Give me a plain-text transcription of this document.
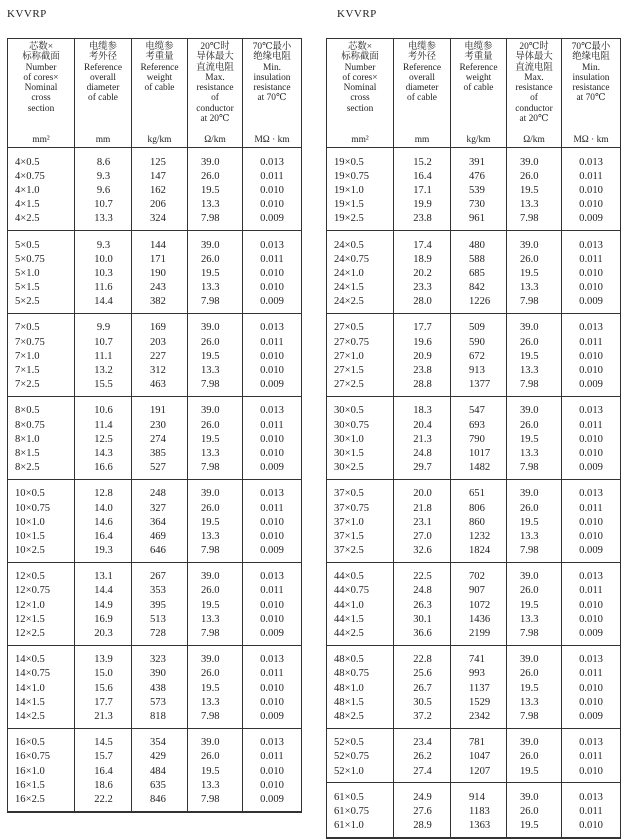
KVVRP	KVVRP
芯数×
标称截面
Number
of cores×
Nominal
cross
section
mm²
电缆参
考外径
Reference
overall
diameter
of cable
mm
电缆参
考重量
Reference
weight
of cable
kg/km
20℃时
导体最大
直流电阻
Max.
resistance
of
conductor
at 20℃
Ω/km
70℃最小
绝缘电阻
Min.
insulation
resistance
at 70℃
MΩ · km
4×0.5	8.6	125	39.0	0.013
4×0.75	9.3	147	26.0	0.011
4×1.0	9.6	162	19.5	0.010
4×1.5	10.7	206	13.3	0.010
4×2.5	13.3	324	7.98	0.009
5×0.5	9.3	144	39.0	0.013
5×0.75	10.0	171	26.0	0.011
5×1.0	10.3	190	19.5	0.010
5×1.5	11.6	243	13.3	0.010
5×2.5	14.4	382	7.98	0.009
7×0.5	9.9	169	39.0	0.013
7×0.75	10.7	203	26.0	0.011
7×1.0	11.1	227	19.5	0.010
7×1.5	13.2	312	13.3	0.010
7×2.5	15.5	463	7.98	0.009
8×0.5	10.6	191	39.0	0.013
8×0.75	11.4	230	26.0	0.011
8×1.0	12.5	274	19.5	0.010
8×1.5	14.3	385	13.3	0.010
8×2.5	16.6	527	7.98	0.009
10×0.5	12.8	248	39.0	0.013
10×0.75	14.0	327	26.0	0.011
10×1.0	14.6	364	19.5	0.010
10×1.5	16.4	469	13.3	0.010
10×2.5	19.3	646	7.98	0.009
12×0.5	13.1	267	39.0	0.013
12×0.75	14.4	353	26.0	0.011
12×1.0	14.9	395	19.5	0.010
12×1.5	16.9	513	13.3	0.010
12×2.5	20.3	728	7.98	0.009
14×0.5	13.9	323	39.0	0.013
14×0.75	15.0	390	26.0	0.011
14×1.0	15.6	438	19.5	0.010
14×1.5	17.7	573	13.3	0.010
14×2.5	21.3	818	7.98	0.009
16×0.5	14.5	354	39.0	0.013
16×0.75	15.7	429	26.0	0.011
16×1.0	16.4	484	19.5	0.010
16×1.5	18.6	635	13.3	0.010
16×2.5	22.2	846	7.98	0.009
芯数×
标称截面
Number
of cores×
Nominal
cross
section
mm²
电缆参
考外径
Reference
overall
diameter
of cable
mm
电缆参
考重量
Reference
weight
of cable
kg/km
20℃时
导体最大
直流电阻
Max.
resistance
of
conductor
at 20℃
Ω/km
70℃最小
绝缘电阻
Min.
insulation
resistance
at 70℃
MΩ · km
19×0.5	15.2	391	39.0	0.013
19×0.75	16.4	476	26.0	0.011
19×1.0	17.1	539	19.5	0.010
19×1.5	19.9	730	13.3	0.010
19×2.5	23.8	961	7.98	0.009
24×0.5	17.4	480	39.0	0.013
24×0.75	18.9	588	26.0	0.011
24×1.0	20.2	685	19.5	0.010
24×1.5	23.3	842	13.3	0.010
24×2.5	28.0	1226	7.98	0.009
27×0.5	17.7	509	39.0	0.013
27×0.75	19.6	590	26.0	0.011
27×1.0	20.9	672	19.5	0.010
27×1.5	23.8	913	13.3	0.010
27×2.5	28.8	1377	7.98	0.009
30×0.5	18.3	547	39.0	0.013
30×0.75	20.4	693	26.0	0.011
30×1.0	21.3	790	19.5	0.010
30×1.5	24.8	1017	13.3	0.010
30×2.5	29.7	1482	7.98	0.009
37×0.5	20.0	651	39.0	0.013
37×0.75	21.8	806	26.0	0.011
37×1.0	23.1	860	19.5	0.010
37×1.5	27.0	1232	13.3	0.010
37×2.5	32.6	1824	7.98	0.009
44×0.5	22.5	702	39.0	0.013
44×0.75	24.8	907	26.0	0.011
44×1.0	26.3	1072	19.5	0.010
44×1.5	30.1	1436	13.3	0.010
44×2.5	36.6	2199	7.98	0.009
48×0.5	22.8	741	39.0	0.013
48×0.75	25.6	993	26.0	0.011
48×1.0	26.7	1137	19.5	0.010
48×1.5	30.5	1529	13.3	0.010
48×2.5	37.2	2342	7.98	0.009
52×0.5	23.4	781	39.0	0.013
52×0.75	26.2	1047	26.0	0.011
52×1.0	27.4	1207	19.5	0.010
61×0.5	24.9	914	39.0	0.013
61×0.75	27.6	1183	26.0	0.011
61×1.0	28.9	1363	19.5	0.010
